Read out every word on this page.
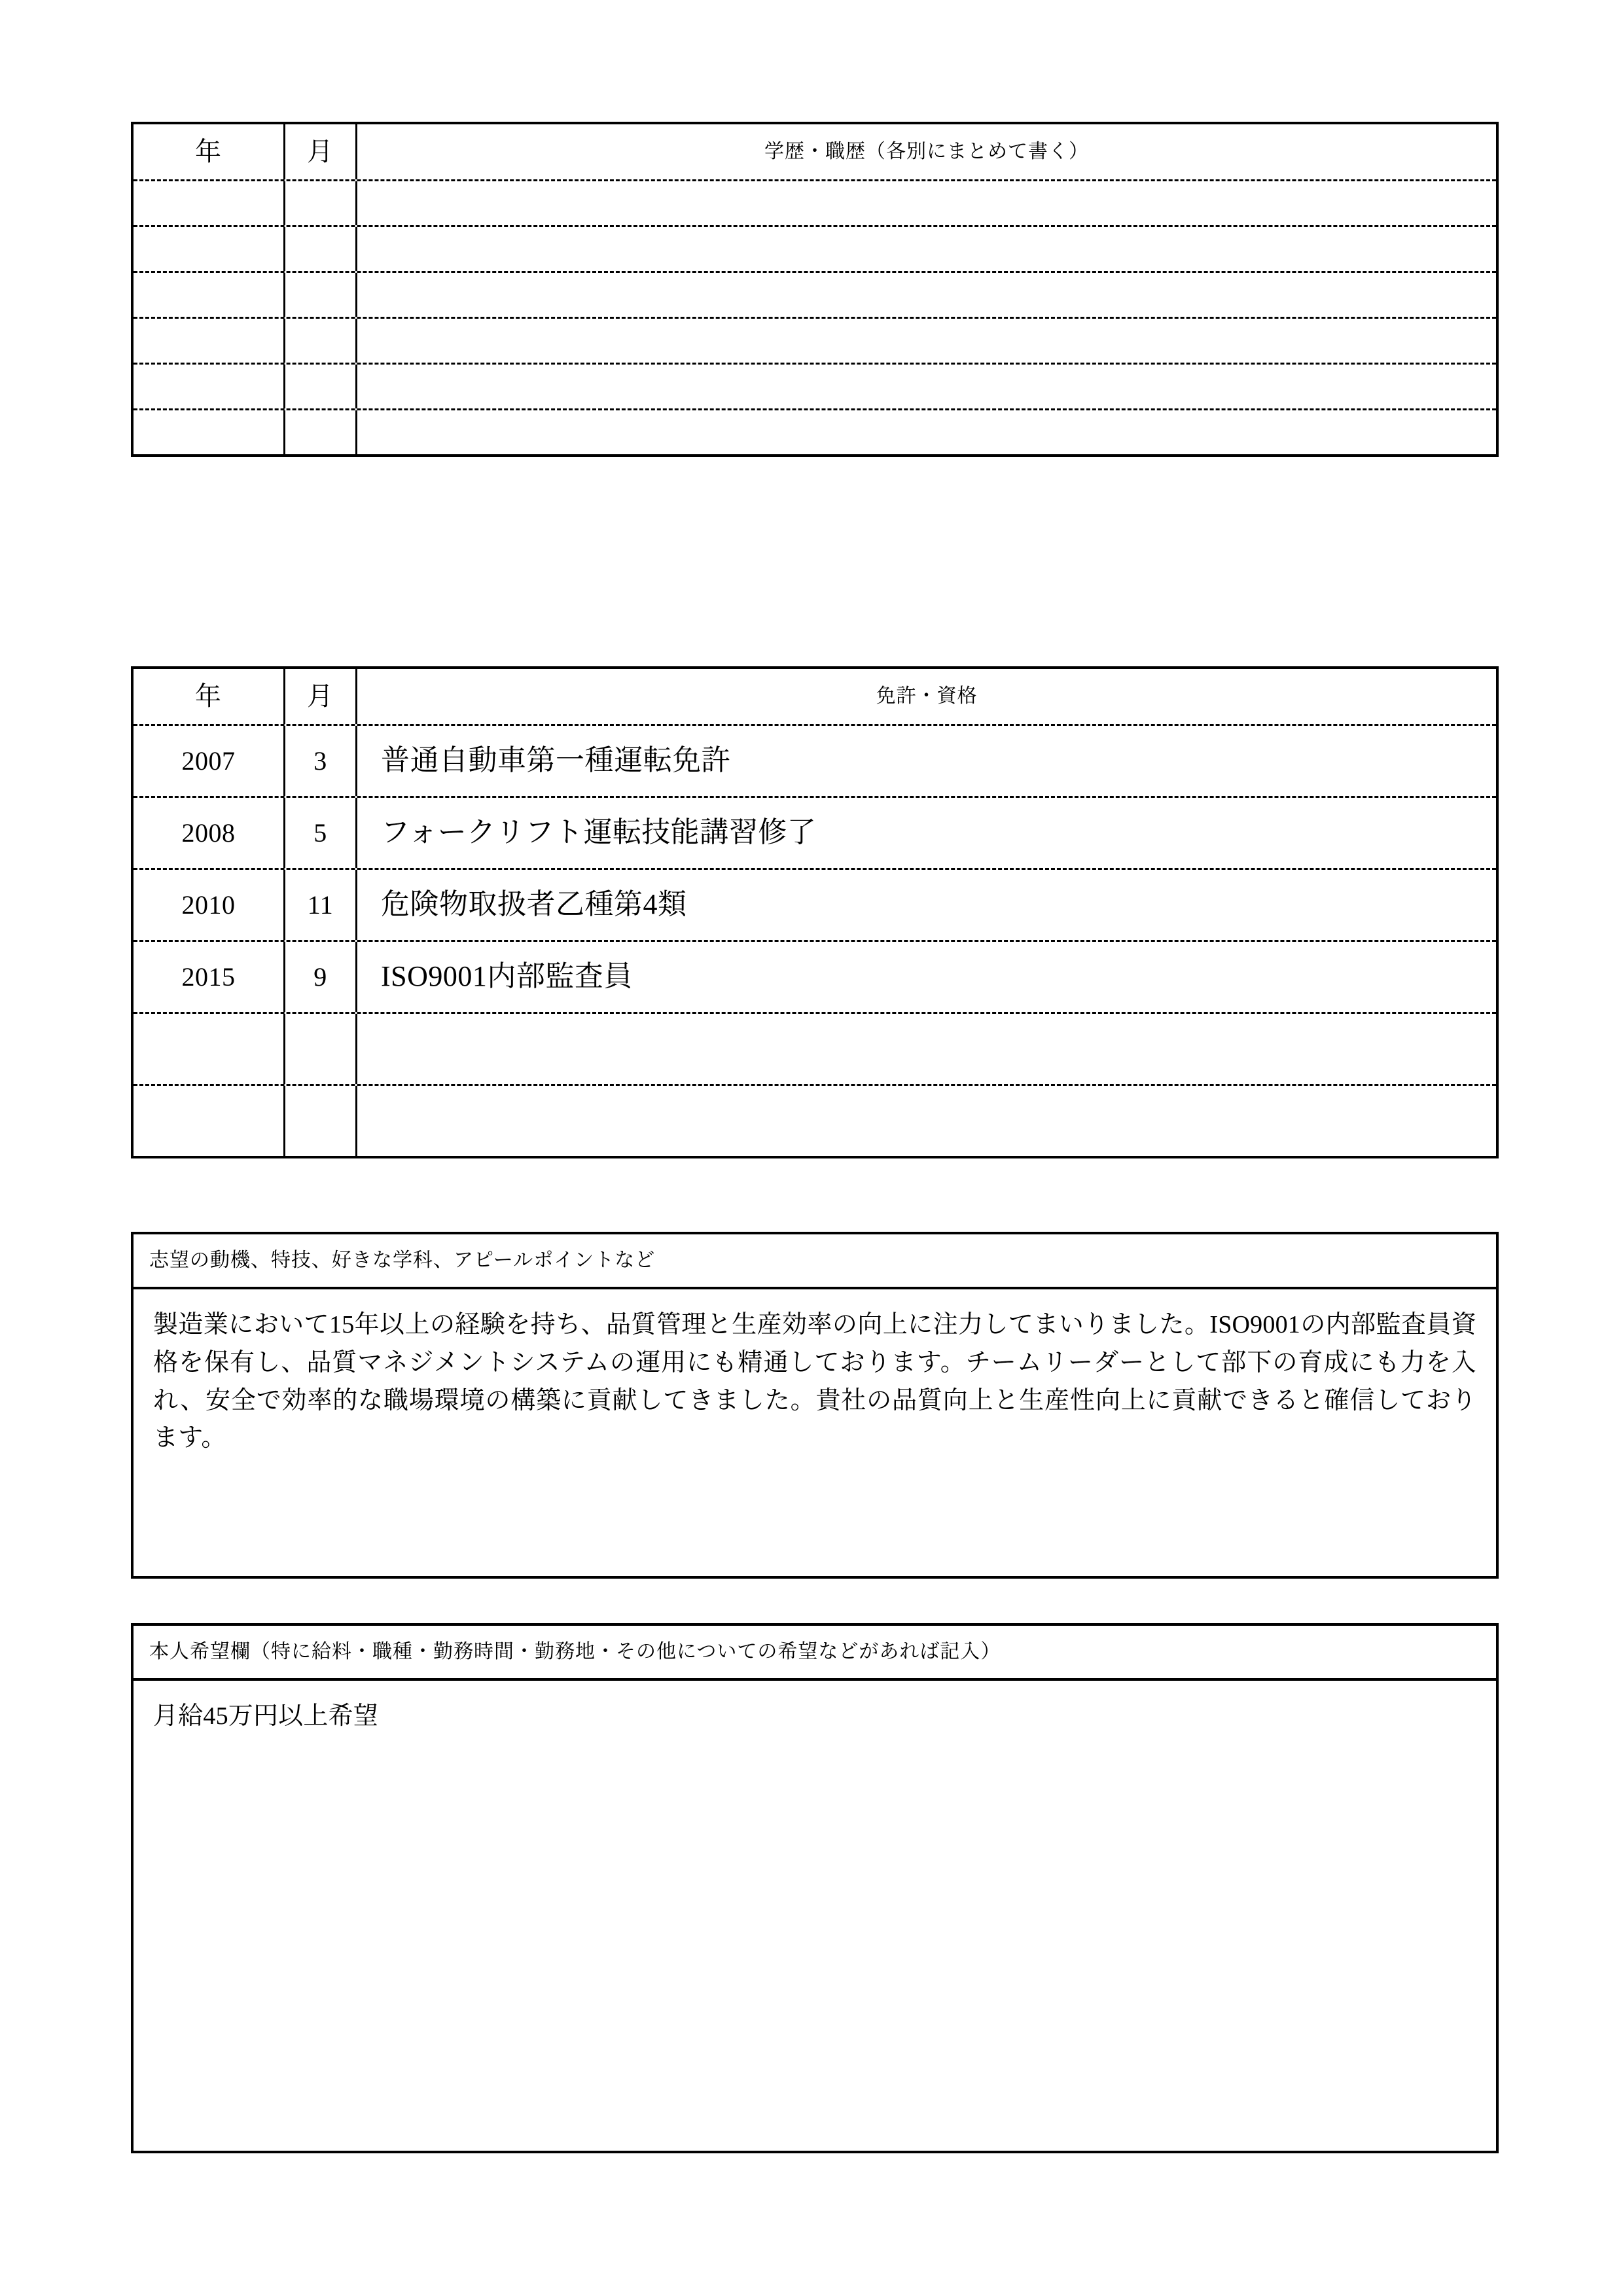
年	月	学歴・職歴（各別にまとめて書く）
年	月	免許・資格
2007	3 普通自動車第一種運転免許
2008	5 フォークリフト運転技能講習修了
2010	11 危険物取扱者乙種第4類
2015	9 ISO9001内部監査員
志望の動機、特技、好きな学科、アピールポイントなど

製造業において15年以上の経験を持ち、品質管理と生産効率の向上に注力してまいりました。ISO9001の内部監査員資格を保有し、品質マネジメントシステムの運用にも精通しております。チームリーダーとして部下の育成にも力を入れ、安全で効率的な職場環境の構築に貢献してきました。貴社の品質向上と生産性向上に貢献できると確信しております。

本人希望欄（特に給料・職種・勤務時間・勤務地・その他についての希望などがあれば記入）

月給45万円以上希望
